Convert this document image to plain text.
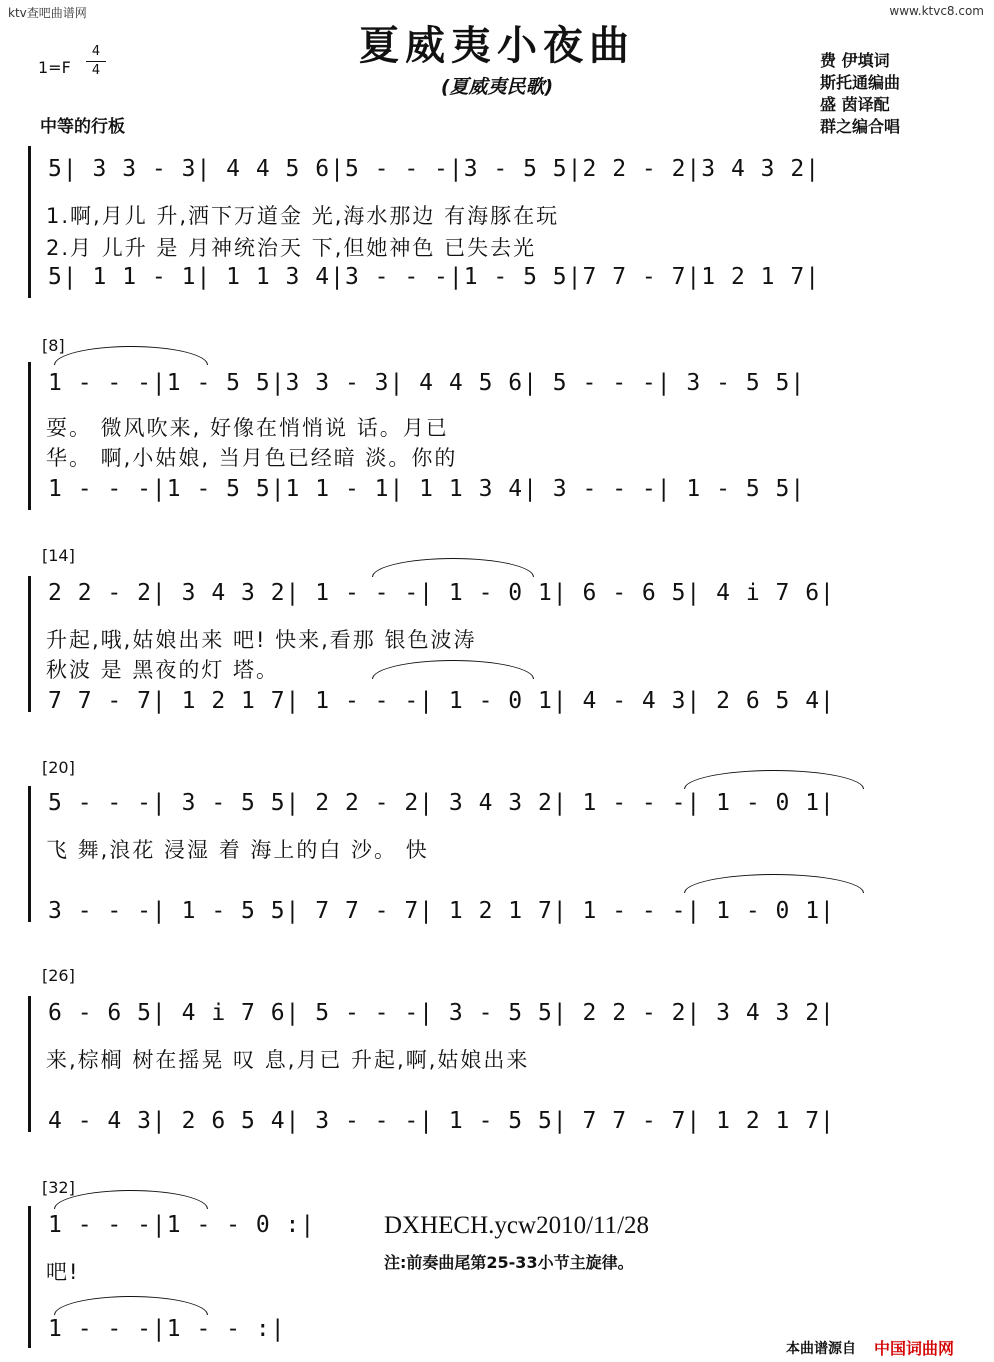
ktv查吧曲谱网	www.ktvc8.com
夏威夷小夜曲
(夏威夷民歌)
1=F
4
4
中等的行板
费 伊填词
斯托通编曲
盛 茵译配
群之编合唱
5| 3 3 - 3| 4 4 5 6|5 - - -|3 - 5 5|2 2 - 2|3 4 3 2|
1.啊,月儿 升,洒下万道金 光,海水那边 有海豚在玩
2.月 儿升 是 月神统治天 下,但她神色 已失去光
5| 1 1 - 1| 1 1 3 4|3 - - -|1 - 5 5|7 7 - 7|1 2 1 7|
[8]
1 - - -|1 - 5 5|3 3 - 3| 4 4 5 6| 5 - - -| 3 - 5 5|
耍。 微风吹来, 好像在悄悄说 话。月已
华。 啊,小姑娘, 当月色已经暗 淡。你的
1 - - -|1 - 5 5|1 1 - 1| 1 1 3 4| 3 - - -| 1 - 5 5|
[14]
2 2 - 2| 3 4 3 2| 1 - - -| 1 - 0 1| 6 - 6 5| 4 i 7 6|
升起,哦,姑娘出来 吧! 快来,看那 银色波涛
秋波 是 黑夜的灯 塔。
7 7 - 7| 1 2 1 7| 1 - - -| 1 - 0 1| 4 - 4 3| 2 6 5 4|
[20]
5 - - -| 3 - 5 5| 2 2 - 2| 3 4 3 2| 1 - - -| 1 - 0 1|
飞 舞,浪花 浸湿 着 海上的白 沙。 快
3 - - -| 1 - 5 5| 7 7 - 7| 1 2 1 7| 1 - - -| 1 - 0 1|
[26]
6 - 6 5| 4 i 7 6| 5 - - -| 3 - 5 5| 2 2 - 2| 3 4 3 2|
来,棕榈 树在摇晃 叹 息,月已 升起,啊,姑娘出来
4 - 4 3| 2 6 5 4| 3 - - -| 1 - 5 5| 7 7 - 7| 1 2 1 7|
[32]
1 - - -|1 - - 0 :|
吧!
1 - - -|1 - - :|
DXHECH.ycw2010/11/28
注:前奏曲尾第25-33小节主旋律。
本曲谱源自 中国词曲网
